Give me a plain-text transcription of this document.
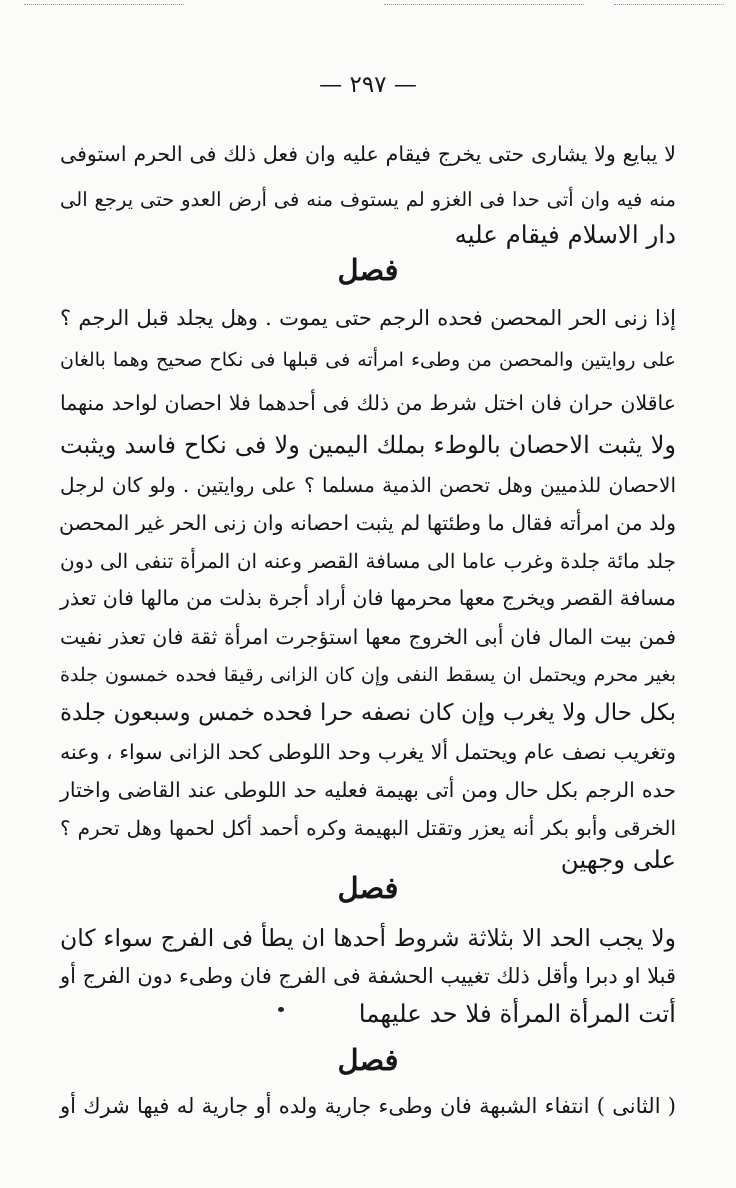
— ٢٩٧ —
لا يبايع ولا يشارى حتى يخرج فيقام عليه وان فعل ذلك فى الحرم استوفى
منه فيه وان أتى حدا فى الغزو لم يستوف منه فى أرض العدو حتى يرجع الى
دار الاسلام فيقام عليه
فصل
إذا زنى الحر المحصن فحده الرجم حتى يموت . وهل يجلد قبل الرجم ؟
على روايتين والمحصن من وطىء امرأته فى قبلها فى نكاح صحيح وهما بالغان
عاقلان حران فان اختل شرط من ذلك فى أحدهما فلا احصان لواحد منهما
ولا يثبت الاحصان بالوطء بملك اليمين ولا فى نكاح فاسد ويثبت
الاحصان للذميين وهل تحصن الذمية مسلما ؟ على روايتين . ولو كان لرجل
ولد من امرأته فقال ما وطئتها لم يثبت احصانه وان زنى الحر غير المحصن
جلد مائة جلدة وغرب عاما الى مسافة القصر وعنه ان المرأة تنفى الى دون
مسافة القصر ويخرج معها محرمها فان أراد أجرة بذلت من مالها فان تعذر
فمن بيت المال فان أبى الخروج معها استؤجرت امرأة ثقة فان تعذر نفيت
بغير محرم ويحتمل ان يسقط النفى وإن كان الزانى رقيقا فحده خمسون جلدة
بكل حال ولا يغرب وإن كان نصفه حرا فحده خمس وسبعون جلدة
وتغريب نصف عام ويحتمل ألا يغرب وحد اللوطى كحد الزانى سواء ، وعنه
حده الرجم بكل حال ومن أتى بهيمة فعليه حد اللوطى عند القاضى واختار
الخرقى وأبو بكر أنه يعزر وتقتل البهيمة وكره أحمد أكل لحمها وهل تحرم ؟
على وجهين
فصل
ولا يجب الحد الا بثلاثة شروط أحدها ان يطأ فى الفرج سواء كان
قبلا او دبرا وأقل ذلك تغييب الحشفة فى الفرج فان وطىء دون الفرج أو
أتت المرأة المرأة فلا حد عليهما
فصل
( الثانى ) انتفاء الشبهة فان وطىء جارية ولده أو جارية له فيها شرك أو
